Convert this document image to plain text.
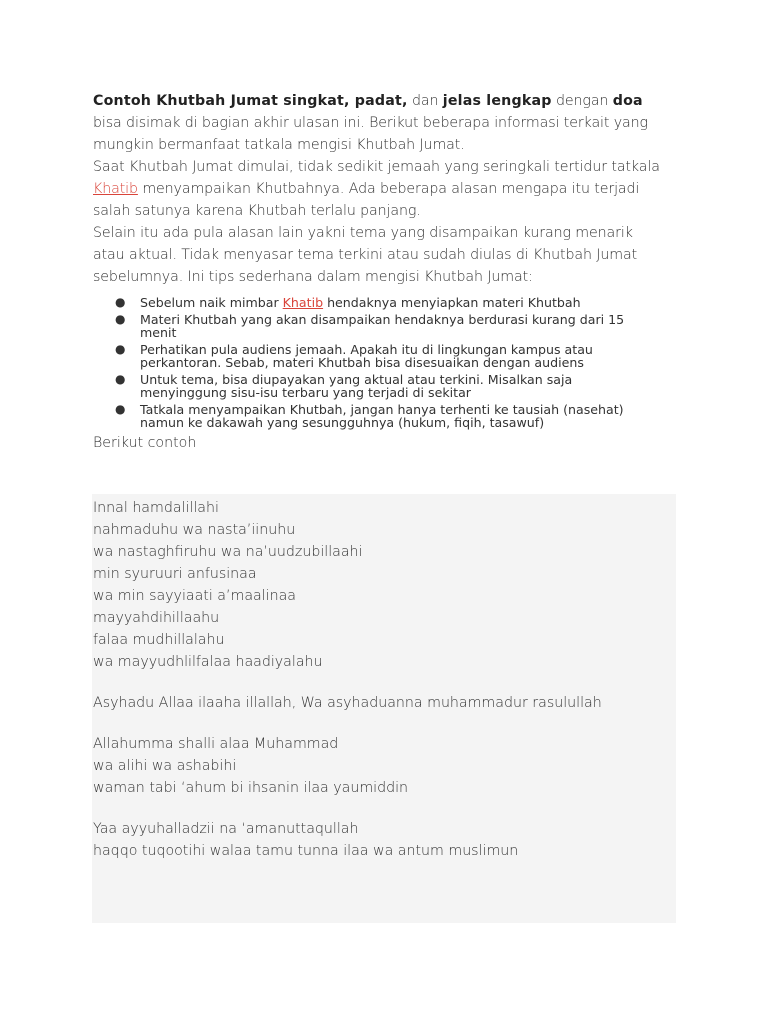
Contoh Khutbah Jumat singkat, padat, dan jelas lengkap dengan doa bisa disimak di bagian akhir ulasan ini. Berikut beberapa informasi terkait yang mungkin bermanfaat tatkala mengisi Khutbah Jumat.

Saat Khutbah Jumat dimulai, tidak sedikit jemaah yang seringkali tertidur tatkala Khatib menyampaikan Khutbahnya. Ada beberapa alasan mengapa itu terjadi salah satunya karena Khutbah terlalu panjang.

Selain itu ada pula alasan lain yakni tema yang disampaikan kurang menarik atau aktual. Tidak menyasar tema terkini atau sudah diulas di Khutbah Jumat sebelumnya. Ini tips sederhana dalam mengisi Khutbah Jumat:

● Sebelum naik mimbar Khatib hendaknya menyiapkan materi Khutbah
● Materi Khutbah yang akan disampaikan hendaknya berdurasi kurang dari 15 menit
● Perhatikan pula audiens jemaah. Apakah itu di lingkungan kampus atau perkantoran. Sebab, materi Khutbah bisa disesuaikan dengan audiens
● Untuk tema, bisa diupayakan yang aktual atau terkini. Misalkan saja menyinggung sisu-isu terbaru yang terjadi di sekitar
● Tatkala menyampaikan Khutbah, jangan hanya terhenti ke tausiah (nasehat) namun ke dakawah yang sesungguhnya (hukum, fiqih, tasawuf)
Berikut contoh
Innal hamdalillahi
nahmaduhu wa nasta’iinuhu
wa nastaghfiruhu wa na’uudzubillaahi
min syuruuri anfusinaa
wa min sayyiaati a’maalinaa
mayyahdihillaahu
falaa mudhillalahu
wa mayyudhlilfalaa haadiyalahu
Asyhadu Allaa ilaaha illallah, Wa asyhaduanna muhammadur rasulullah
Allahumma shalli alaa Muhammad
wa alihi wa ashabihi
waman tabi ‘ahum bi ihsanin ilaa yaumiddin
Yaa ayyuhalladzii na ‘amanuttaqullah
haqqo tuqootihi walaa tamu tunna ilaa wa antum muslimun
